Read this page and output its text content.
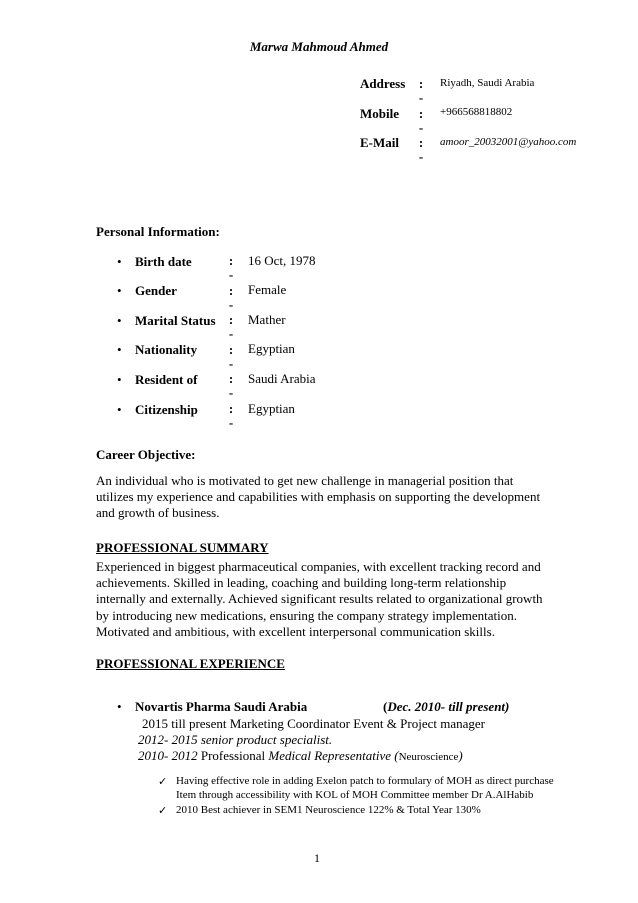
Marwa Mahmoud Ahmed
Address :
-
Riyadh, Saudi Arabia
Mobile :
-
+966568818802
E-Mail :
-
amoor_20032001@yahoo.com
Personal Information:
• Birth date	:
-
16 Oct, 1978
• Gender	:
-
Female
• Marital Status :
-
Mather
• Nationality :
-
Egyptian
• Resident of :
-
Saudi Arabia
• Citizenship :
-
Egyptian
Career Objective:
An individual who is motivated to get new challenge in managerial position that
utilizes my experience and capabilities with emphasis on supporting the development
and growth of business.
PROFESSIONAL SUMMARY
Experienced in biggest pharmaceutical companies, with excellent tracking record and
achievements. Skilled in leading, coaching and building long-term relationship
internally and externally. Achieved significant results related to organizational growth
by introducing new medications, ensuring the company strategy implementation.
Motivated and ambitious, with excellent interpersonal communication skills.
PROFESSIONAL EXPERIENCE
• Novartis Pharma Saudi Arabia	(Dec. 2010- till present)
2015 till present Marketing Coordinator Event & Project manager
2012- 2015 senior product specialist.
2010- 2012 Professional Medical Representative (Neuroscience)
✓ Having effective role in adding Exelon patch to formulary of MOH as direct purchase
Item through accessibility with KOL of MOH Committee member Dr A.AlHabib
✓ 2010 Best achiever in SEM1 Neuroscience 122% & Total Year 130%
1
